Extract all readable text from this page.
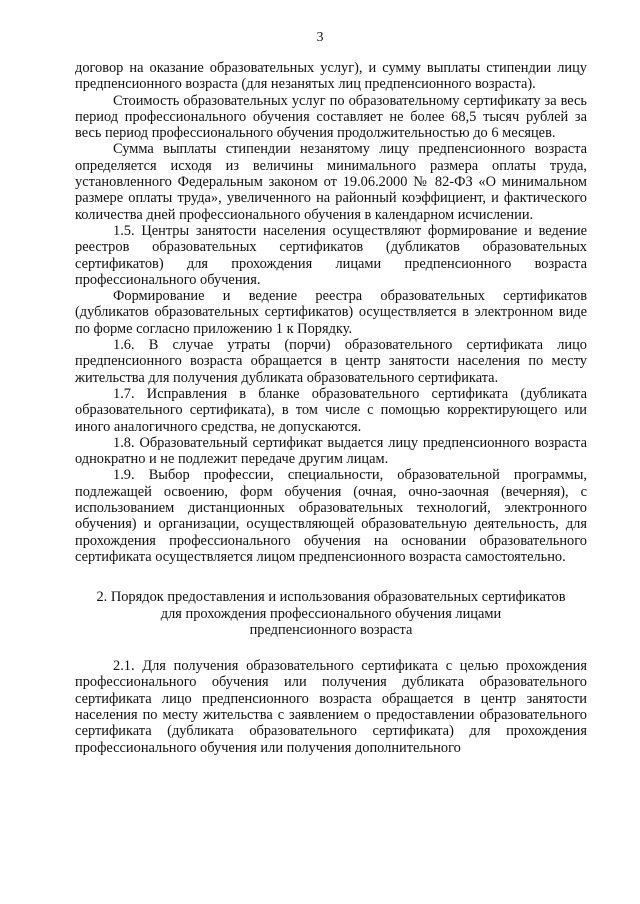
3

договор на оказание образовательных услуг), и сумму выплаты стипендии лицу предпенсионного возраста (для незанятых лиц предпенсионного возраста).

Стоимость образовательных услуг по образовательному сертификату за весь период профессионального обучения составляет не более 68,5 тысяч рублей за весь период профессионального обучения продолжительностью до 6 месяцев.

Сумма выплаты стипендии незанятому лицу предпенсионного возраста определяется исходя из величины минимального размера оплаты труда, установленного Федеральным законом от 19.06.2000 № 82-ФЗ «О минимальном размере оплаты труда», увеличенного на районный коэффициент, и фактического количества дней профессионального обучения в календарном исчислении.

1.5. Центры занятости населения осуществляют формирование и ведение реестров образовательных сертификатов (дубликатов образовательных сертификатов) для прохождения лицами предпенсионного возраста профессионального обучения.

Формирование и ведение реестра образовательных сертификатов (дубликатов образовательных сертификатов) осуществляется в электронном виде по форме согласно приложению 1 к Порядку.

1.6. В случае утраты (порчи) образовательного сертификата лицо предпенсионного возраста обращается в центр занятости населения по месту жительства для получения дубликата образовательного сертификата.

1.7. Исправления в бланке образовательного сертификата (дубликата образовательного сертификата), в том числе с помощью корректирующего или иного аналогичного средства, не допускаются.

1.8. Образовательный сертификат выдается лицу предпенсионного возраста однократно и не подлежит передаче другим лицам.

1.9. Выбор профессии, специальности, образовательной программы, подлежащей освоению, форм обучения (очная, очно-заочная (вечерняя), с использованием дистанционных образовательных технологий, электронного обучения) и организации, осуществляющей образовательную деятельность, для прохождения профессионального обучения на основании образовательного сертификата осуществляется лицом предпенсионного возраста самостоятельно.

2. Порядок предоставления и использования образовательных сертификатов
для прохождения профессионального обучения лицами
предпенсионного возраста

2.1. Для получения образовательного сертификата с целью прохождения профессионального обучения или получения дубликата образовательного сертификата лицо предпенсионного возраста обращается в центр занятости населения по месту жительства с заявлением о предоставлении образовательного сертификата (дубликата образовательного сертификата) для прохождения профессионального обучения или получения дополнительного
